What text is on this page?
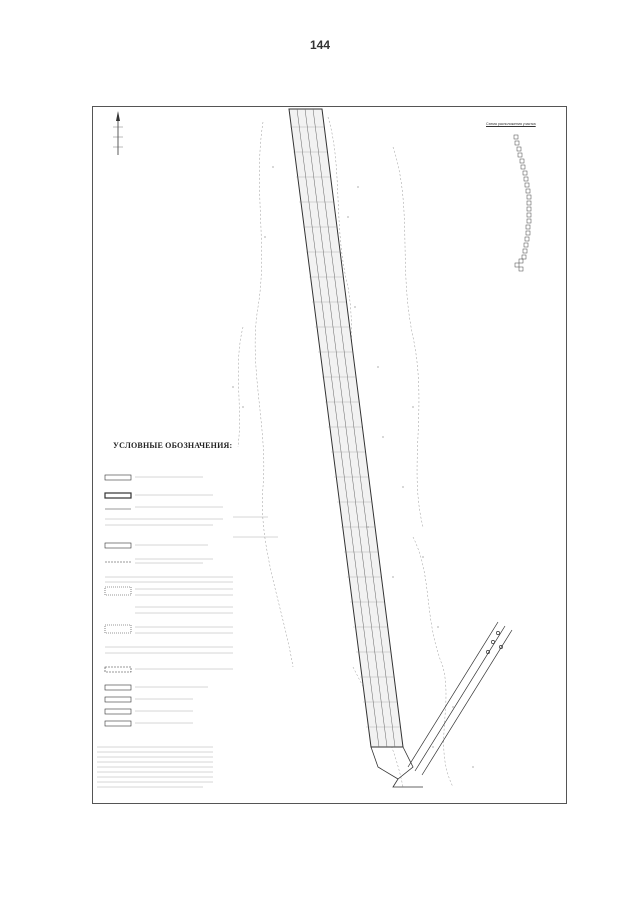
144
Схема расположения участка
УСЛОВНЫЕ ОБОЗНАЧЕНИЯ:
